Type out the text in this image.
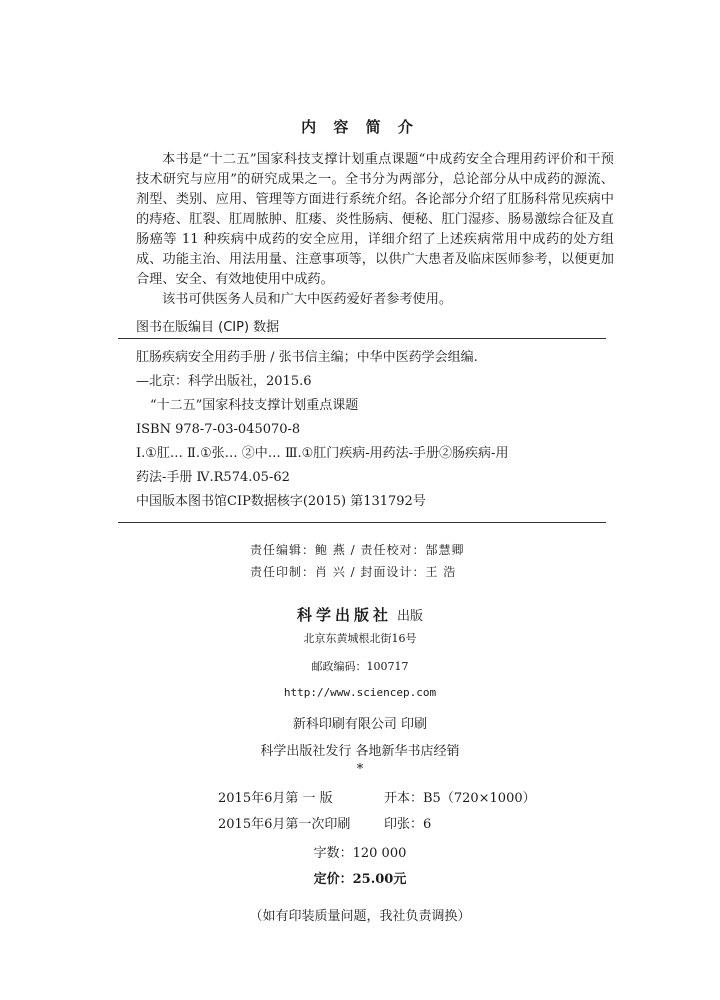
内 容 简 介

本书是“十二五”国家科技支撑计划重点课题“中成药安全合理用药评价和干预技术研究与应用”的研究成果之一。全书分为两部分，总论部分从中成药的源流、剂型、类别、应用、管理等方面进行系统介绍。各论部分介绍了肛肠科常见疾病中的痔疮、肛裂、肛周脓肿、肛瘘、炎性肠病、便秘、肛门湿疹、肠易激综合征及直肠癌等 11 种疾病中成药的安全应用，详细介绍了上述疾病常用中成药的处方组成、功能主治、用法用量、注意事项等，以供广大患者及临床医师参考，以便更加合理、安全、有效地使用中成药。

该书可供医务人员和广大中医药爱好者参考使用。

图书在版编目 (CIP) 数据
肛肠疾病安全用药手册 / 张书信主编；中华中医药学会组编.
—北京：科学出版社，2015.6
“十二五”国家科技支撑计划重点课题
ISBN 978-7-03-045070-8
Ⅰ.①肛… Ⅱ.①张… ②中… Ⅲ.①肛门疾病-用药法-手册②肠疾病-用
药法-手册 Ⅳ.R574.05-62
中国版本图书馆CIP数据核字(2015) 第131792号
责任编辑：鲍 燕 / 责任校对：郜慧卿
责任印制：肖 兴 / 封面设计：王 浩
科学出版社 出版
北京东黄城根北街16号
邮政编码：100717
http://www.sciencep.com
新科印刷有限公司 印刷
科学出版社发行 各地新华书店经销
*
2015年6月第 一 版	开本：B5（720×1000）
2015年6月第一次印刷	印张：6
字数：120 000
定价：25.00元
（如有印装质量问题，我社负责调换）
